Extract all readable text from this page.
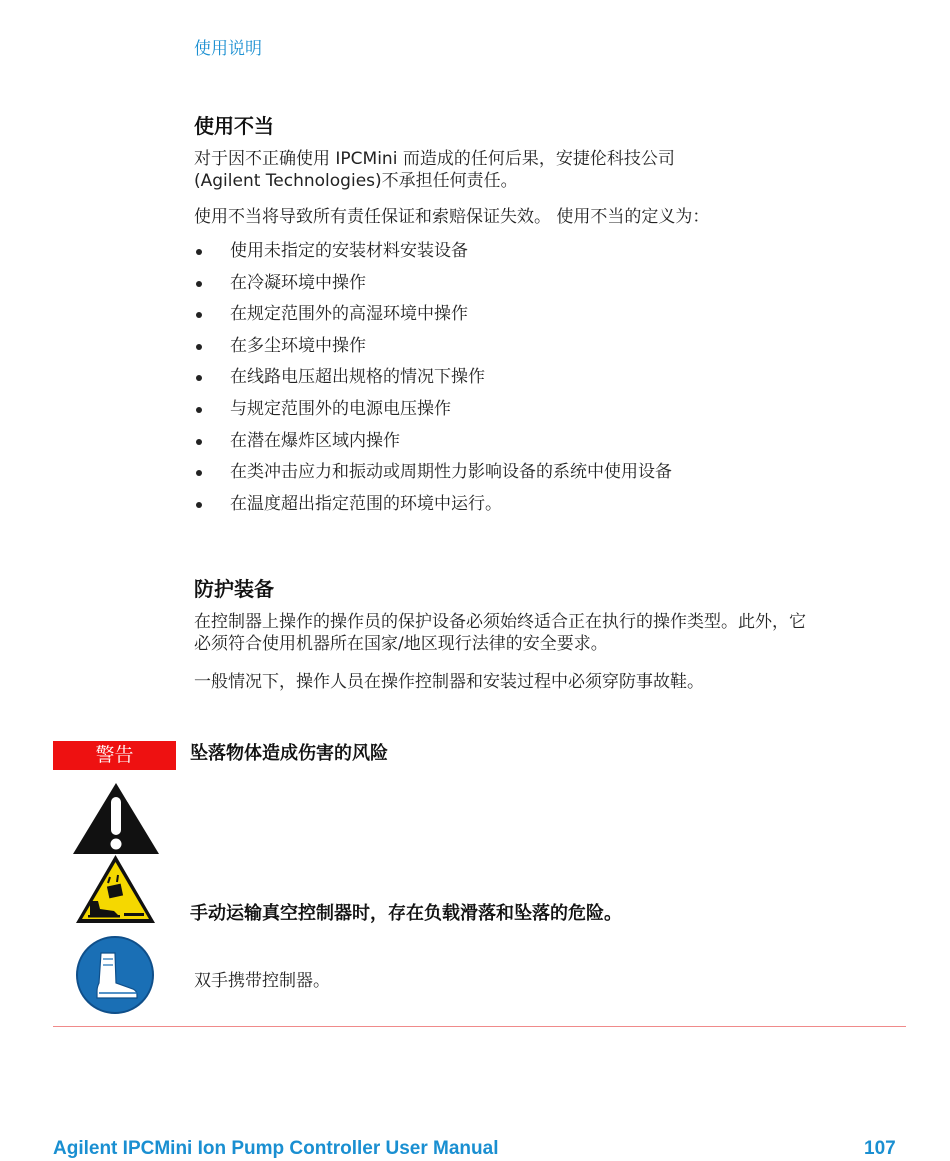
使用说明
使用不当
对于因不正确使用 IPCMini 而造成的任何后果，安捷伦科技公司
(Agilent Technologies)不承担任何责任。
使用不当将导致所有责任保证和索赔保证失效。 使用不当的定义为：
使用未指定的安装材料安装设备
在冷凝环境中操作
在规定范围外的高湿环境中操作
在多尘环境中操作
在线路电压超出规格的情况下操作
与规定范围外的电源电压操作
在潜在爆炸区域内操作
在类冲击应力和振动或周期性力影响设备的系统中使用设备
在温度超出指定范围的环境中运行。
防护装备
在控制器上操作的操作员的保护设备必须始终适合正在执行的操作类型。此外，它
必须符合使用机器所在国家/地区现行法律的安全要求。
一般情况下，操作人员在操作控制器和安装过程中必须穿防事故鞋。
警告	坠落物体造成伤害的风险
手动运输真空控制器时，存在负载滑落和坠落的危险。
双手携带控制器。
Agilent IPCMini Ion Pump Controller User Manual	107
